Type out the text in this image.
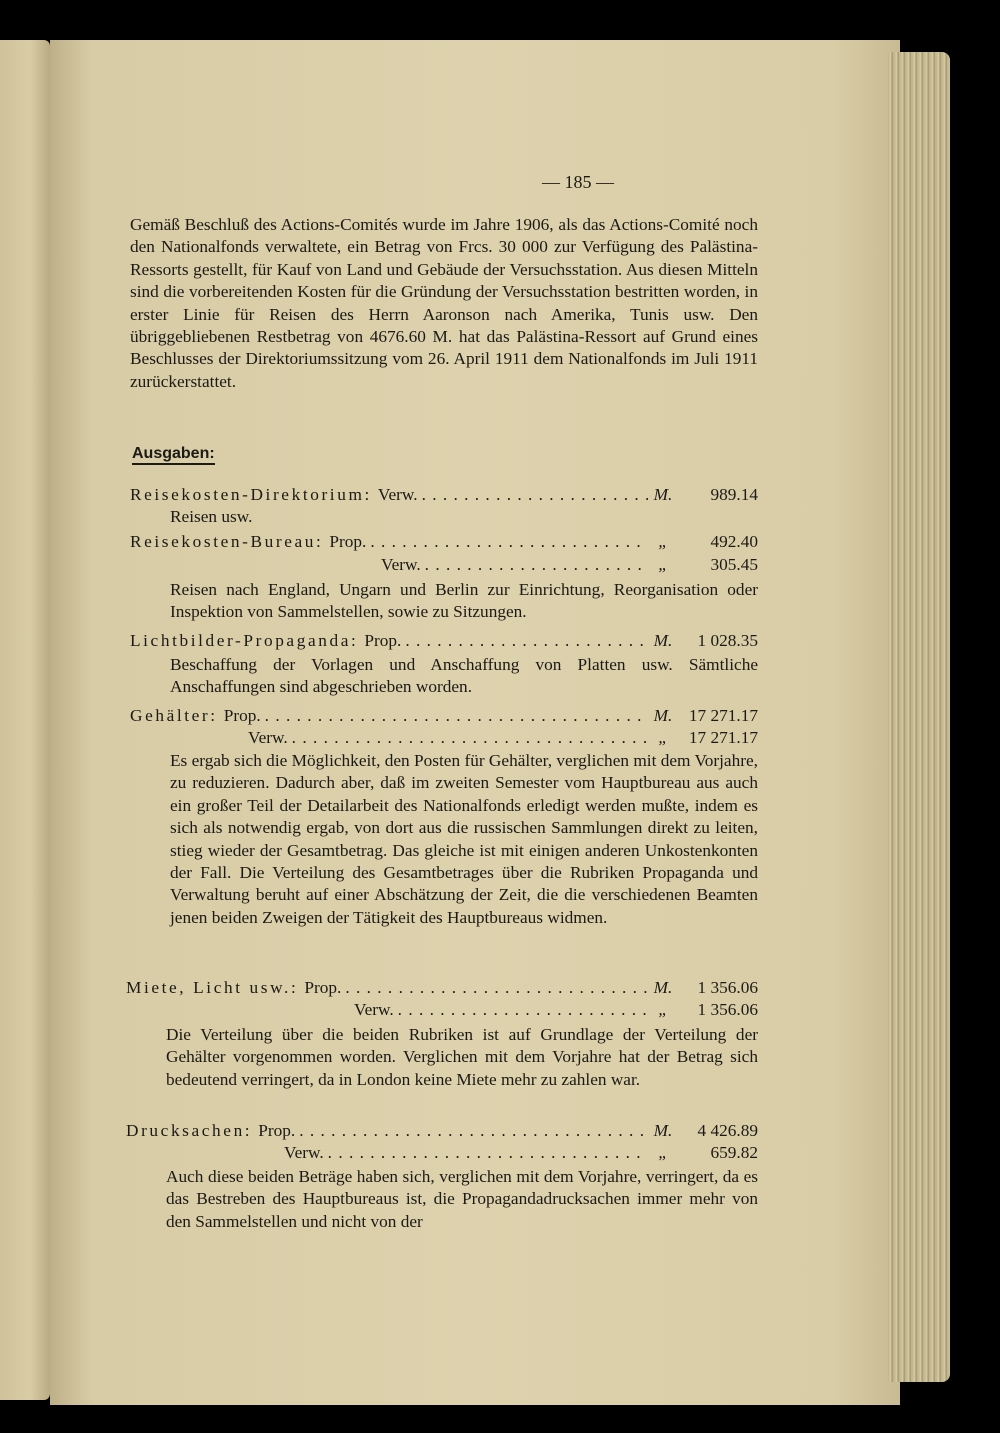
— 185 —

Gemäß Beschluß des Actions-Comités wurde im Jahre 1906, als das Actions-Comité noch den Nationalfonds verwaltete, ein Betrag von Frcs. 30 000 zur Verfügung des Palästina-Ressorts gestellt, für Kauf von Land und Gebäude der Versuchsstation. Aus diesen Mitteln sind die vorbereitenden Kosten für die Gründung der Versuchsstation bestritten worden, in erster Linie für Reisen des Herrn Aaronson nach Amerika, Tunis usw. Den übriggebliebenen Restbetrag von 4676.60 M. hat das Palästina-Ressort auf Grund eines Beschlusses der Direktoriumssitzung vom 26. April 1911 dem Nationalfonds im Juli 1911 zurückerstattet.

Ausgaben:
Reisekosten-Direktorium: Verw. . . .	M.	989.14
Reisen usw.
Reisekosten-Bureau: Prop. . . .	„	492.40
Verw. . . .	„	305.45

Reisen nach England, Ungarn und Berlin zur Einrichtung, Reorganisation oder Inspektion von Sammelstellen, sowie zu Sitzungen.

Lichtbilder-Propaganda: Prop. . . .	M.	1 028.35

Beschaffung der Vorlagen und Anschaffung von Platten usw. Sämtliche Anschaffungen sind abgeschrieben worden.

Gehälter: Prop. . . .	M. 17 271.17
Verw. . . .	„	17 271.17

Es ergab sich die Möglichkeit, den Posten für Gehälter, verglichen mit dem Vorjahre, zu reduzieren. Dadurch aber, daß im zweiten Semester vom Hauptbureau aus auch ein großer Teil der Detailarbeit des Nationalfonds erledigt werden mußte, indem es sich als notwendig ergab, von dort aus die russischen Sammlungen direkt zu leiten, stieg wieder der Gesamtbetrag. Das gleiche ist mit einigen anderen Unkostenkonten der Fall. Die Verteilung des Gesamtbetrages über die Rubriken Propaganda und Verwaltung beruht auf einer Abschätzung der Zeit, die die verschiedenen Beamten jenen beiden Zweigen der Tätigkeit des Hauptbureaus widmen.

Miete, Licht usw.: Prop. . . .	M.	1 356.06
Verw. . . .	„	1 356.06

Die Verteilung über die beiden Rubriken ist auf Grundlage der Verteilung der Gehälter vorgenommen worden. Verglichen mit dem Vorjahre hat der Betrag sich bedeutend verringert, da in London keine Miete mehr zu zahlen war.

Drucksachen: Prop. . . .	M.	4 426.89
Verw. . . .	„	659.82

Auch diese beiden Beträge haben sich, verglichen mit dem Vorjahre, verringert, da es das Bestreben des Hauptbureaus ist, die Propagandadrucksachen immer mehr von den Sammelstellen und nicht von der
